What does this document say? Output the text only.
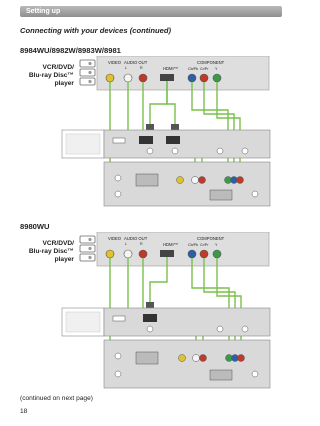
Setting up
Connecting with your devices (continued)
8984WU/8982W/8983W/8981
VCR/DVD/
Blu-ray Disc™
player
VIDEO AUDIO OUT
L	R	HDMI™
COMPONENT
Cb/Pb Cr/Pr Y
8980WU
VCR/DVD/
Blu-ray Disc™
player
VIDEO AUDIO OUT
L	R	HDMI™
COMPONENT
Cb/Pb Cr/Pr Y
(continued on next page)
18
